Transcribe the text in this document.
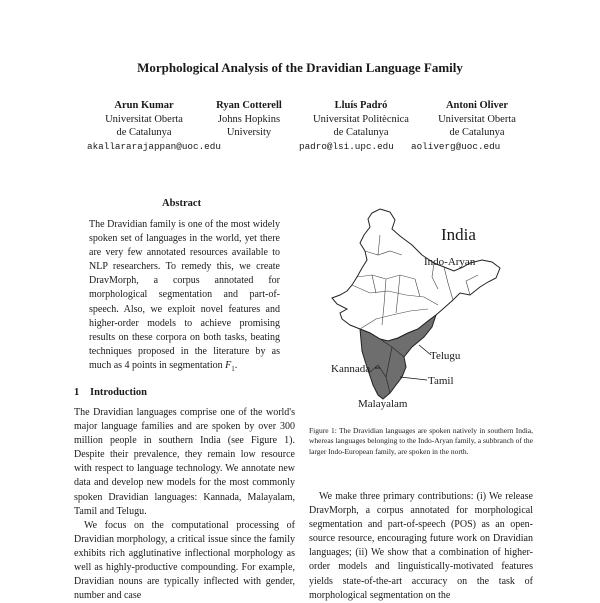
Morphological Analysis of the Dravidian Language Family
Arun Kumar
Universitat Oberta
de Catalunya
Ryan Cotterell
Johns Hopkins
University
Lluís Padró
Universitat Politècnica
de Catalunya
Antoni Oliver
Universitat Oberta
de Catalunya
akallararajappan@uoc.edu	padro@lsi.upc.edu aoliverg@uoc.edu
Abstract
The Dravidian family is one of the most widely spoken set of languages in the world, yet there are very few annotated resources available to NLP researchers. To remedy this, we create DravMorph, a corpus annotated for morphological segmentation and part-of-speech. Also, we exploit novel features and higher-order models to achieve promising results on these corpora on both tasks, beating techniques proposed in the literature by as much as 4 points in segmentation $F_1$.
1 Introduction

The Dravidian languages comprise one of the world's major language families and are spoken by over 300 million people in southern India (see Figure 1). Despite their prevalence, they remain low resource with respect to language technology. We annotate new data and develop new models for the most commonly spoken Dravidian languages: Kannada, Malayalam, Tamil and Telugu.

We focus on the computational processing of Dravidian morphology, a critical issue since the family exhibits rich agglutinative inflectional morphology as well as highly-productive compounding. For example, Dravidian nouns are typically inflected with gender, number and case

India
Indo-Aryan
Telugu
Kannada
Tamil
Malayalam
Figure 1: The Dravidian languages are spoken natively in southern India, whereas languages belonging to the Indo-Aryan family, a subbranch of the larger Indo-European family, are spoken in the north.

We make three primary contributions: (i) We release DravMorph, a corpus annotated for morphological segmentation and part-of-speech (POS) as an open-source resource, encouraging future work on Dravidian languages; (ii) We show that a combination of higher-order models and linguistically-motivated features yields state-of-the-art accuracy on the task of morphological segmentation on the
